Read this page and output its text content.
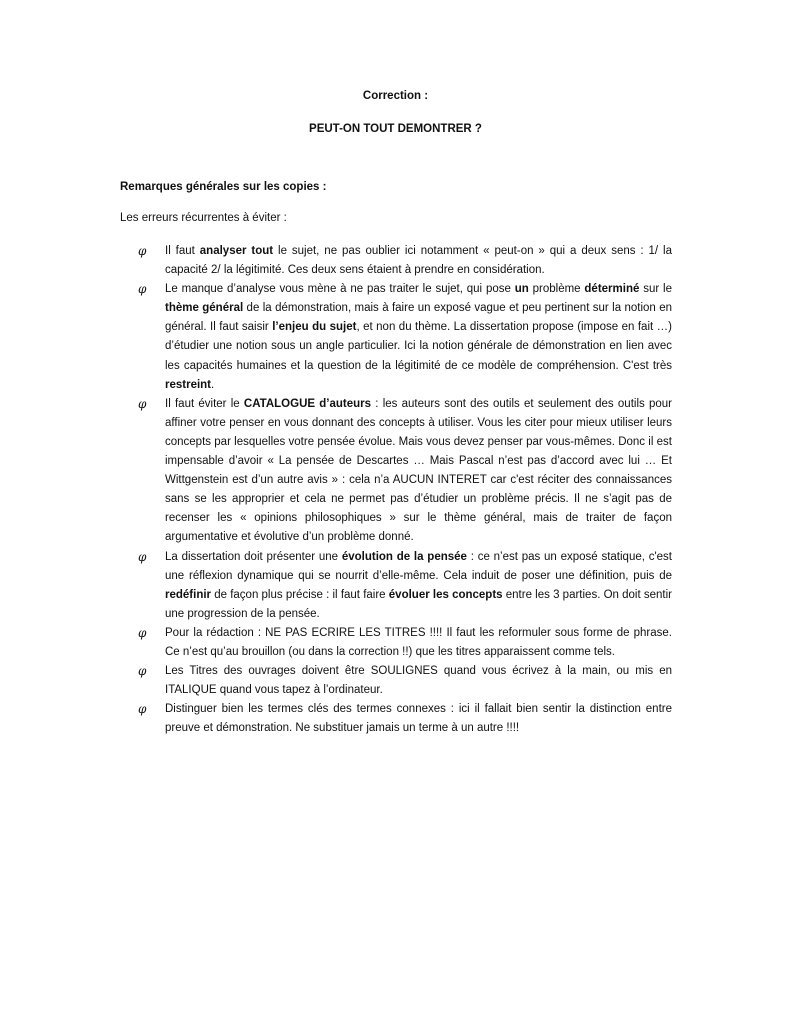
Correction :
PEUT-ON TOUT DEMONTRER ?
Remarques générales sur les copies :
Les erreurs récurrentes à éviter :
φ Il faut analyser tout le sujet, ne pas oublier ici notamment « peut-on » qui a deux sens : 1/ la capacité 2/ la légitimité. Ces deux sens étaient à prendre en considération.
φ Le manque d’analyse vous mène à ne pas traiter le sujet, qui pose un problème déterminé sur le thème général de la démonstration, mais à faire un exposé vague et peu pertinent sur la notion en général. Il faut saisir l’enjeu du sujet, et non du thème. La dissertation propose (impose en fait …) d’étudier une notion sous un angle particulier. Ici la notion générale de démonstration en lien avec les capacités humaines et la question de la légitimité de ce modèle de compréhension. C'est très restreint.
φ Il faut éviter le CATALOGUE d’auteurs : les auteurs sont des outils et seulement des outils pour affiner votre penser en vous donnant des concepts à utiliser. Vous les citer pour mieux utiliser leurs concepts par lesquelles votre pensée évolue. Mais vous devez penser par vous-mêmes. Donc il est impensable d’avoir « La pensée de Descartes … Mais Pascal n’est pas d’accord avec lui … Et Wittgenstein est d’un autre avis » : cela n’a AUCUN INTERET car c'est réciter des connaissances sans se les approprier et cela ne permet pas d’étudier un problème précis. Il ne s’agit pas de recenser les « opinions philosophiques » sur le thème général, mais de traiter de façon argumentative et évolutive d’un problème donné.
φ La dissertation doit présenter une évolution de la pensée : ce n’est pas un exposé statique, c'est une réflexion dynamique qui se nourrit d’elle-même. Cela induit de poser une définition, puis de redéfinir de façon plus précise : il faut faire évoluer les concepts entre les 3 parties. On doit sentir une progression de la pensée.
φ Pour la rédaction : NE PAS ECRIRE LES TITRES !!!! Il faut les reformuler sous forme de phrase. Ce n’est qu’au brouillon (ou dans la correction !!) que les titres apparaissent comme tels.
φ Les Titres des ouvrages doivent être SOULIGNES quand vous écrivez à la main, ou mis en ITALIQUE quand vous tapez à l’ordinateur.
φ Distinguer bien les termes clés des termes connexes : ici il fallait bien sentir la distinction entre preuve et démonstration. Ne substituer jamais un terme à un autre !!!!
